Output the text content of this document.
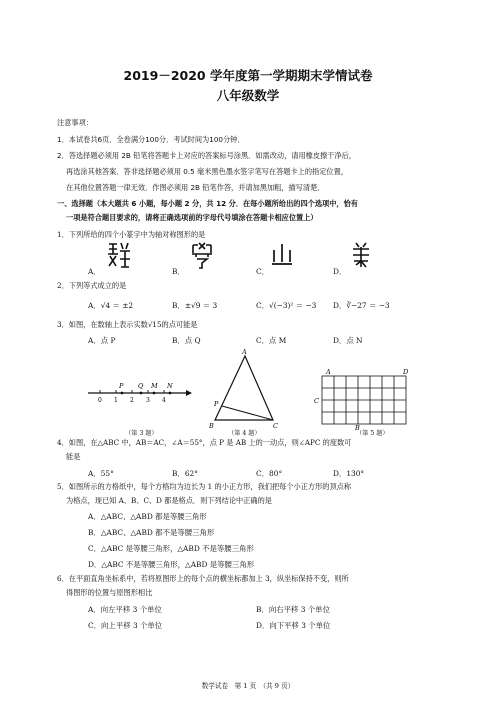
2019－2020 学年度第一学期期末学情试卷
八年级数学
注意事项：
1．本试卷共6页．全卷满分100分．考试时间为100分钟．
2．答选择题必须用 2B 铅笔将答题卡上对应的答案标号涂黑．如需改动，请用橡皮擦干净后，
再选涂其他答案．答非选择题必须用 0.5 毫米黑色墨水签字笔写在答题卡上的指定位置，
在其他位置答题一律无效．作图必须用 2B 铅笔作答，并请加黑加粗，描写清楚．
一、选择题（本大题共 6 小题，每小题 2 分，共 12 分．在每小题所给出的四个选项中，恰有
一项是符合题目要求的，请将正确选项前的字母代号填涂在答题卡相应位置上）
1．下列所给的四个小篆字中为轴对称图形的是
A．	B．	C．	D．
2．下列等式成立的是
A．√4 ＝ ±2	B．±√9 ＝ 3	C．√(−3)² ＝ −3 D．∛−27 ＝ −3
3．如图，在数轴上表示实数√15的点可能是
A．点 P	B．点 Q	C．点 M	D．点 N
P Q M N
0 1 2 3 4
A
B	C
P
A	D
C
B
（第 3 题）	（第 4 题）	（第 5 题）
4．如图，在△ABC 中，AB＝AC，∠A＝55°，点 P 是 AB 上的一动点，则∠APC 的度数可
能是
A．55°	B．62°	C．80°	D．130°
5．如图所示的方格纸中，每个方格均为边长为 1 的小正方形，我们把每个小正方形的顶点称
为格点，现已知 A、B、C、D 都是格点．则下列结论中正确的是
A．△ABC、△ABD 都是等腰三角形
B．△ABC、△ABD 都不是等腰三角形
C．△ABC 是等腰三角形，△ABD 不是等腰三角形
D．△ABC 不是等腰三角形，△ABD 是等腰三角形
6．在平面直角坐标系中，若将原图形上的每个点的横坐标都加上 3，纵坐标保持不变，则所
得图形的位置与原图形相比
A．向左平移 3 个单位	B．向右平移 3 个单位
C．向上平移 3 个单位	D．向下平移 3 个单位
数学试卷　第 1 页　（共 9 页）
